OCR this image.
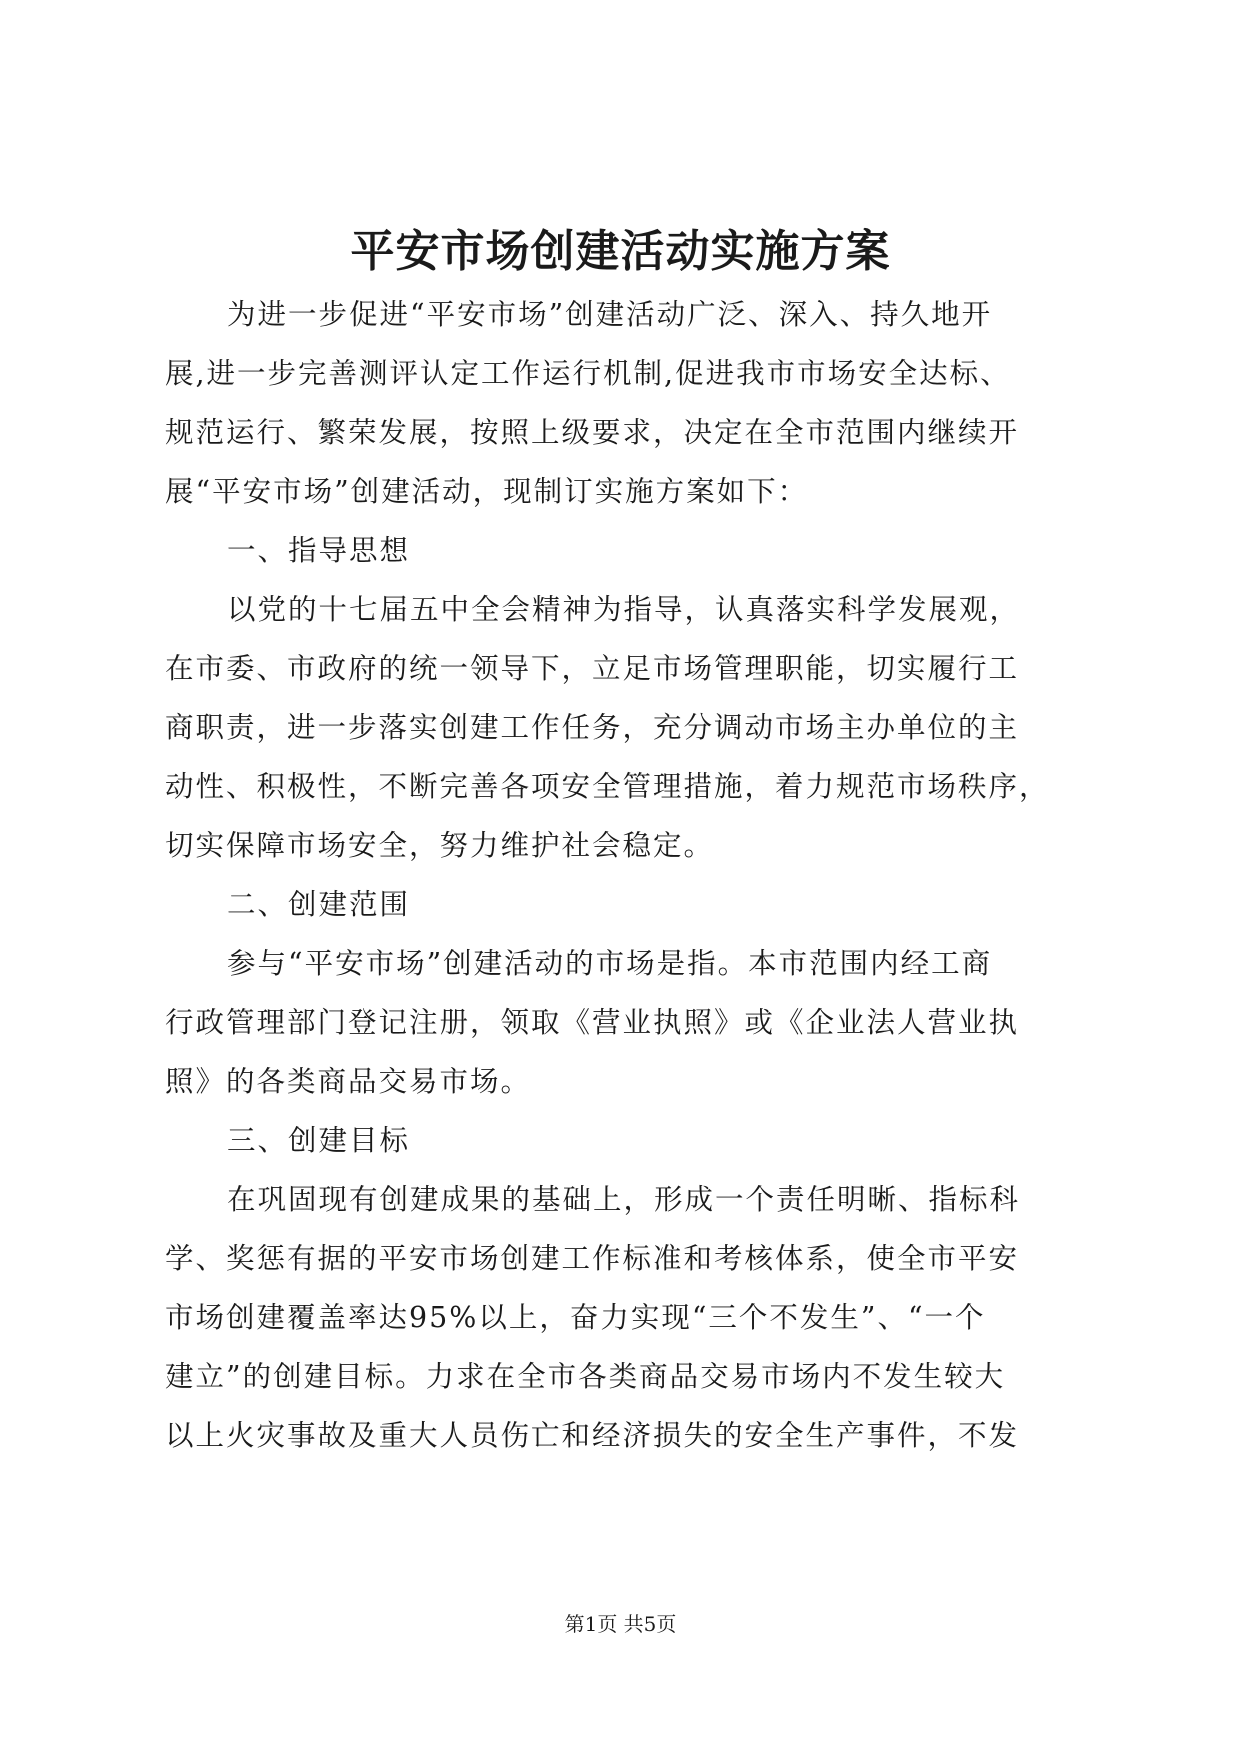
平安市场创建活动实施方案
为进一步促进“平安市场”创建活动广泛、深入、持久地开
展,进一步完善测评认定工作运行机制,促进我市市场安全达标、
规范运行、繁荣发展，按照上级要求，决定在全市范围内继续开
展“平安市场”创建活动，现制订实施方案如下：
一、指导思想
以党的十七届五中全会精神为指导，认真落实科学发展观，
在市委、市政府的统一领导下，立足市场管理职能，切实履行工
商职责，进一步落实创建工作任务，充分调动市场主办单位的主
动性、积极性，不断完善各项安全管理措施，着力规范市场秩序，
切实保障市场安全，努力维护社会稳定。
二、创建范围
参与“平安市场”创建活动的市场是指。本市范围内经工商
行政管理部门登记注册，领取《营业执照》或《企业法人营业执
照》的各类商品交易市场。
三、创建目标
在巩固现有创建成果的基础上，形成一个责任明晰、指标科
学、奖惩有据的平安市场创建工作标准和考核体系，使全市平安
市场创建覆盖率达95%以上，奋力实现“三个不发生”、“一个
建立”的创建目标。力求在全市各类商品交易市场内不发生较大
以上火灾事故及重大人员伤亡和经济损失的安全生产事件，不发
第1页 共5页
